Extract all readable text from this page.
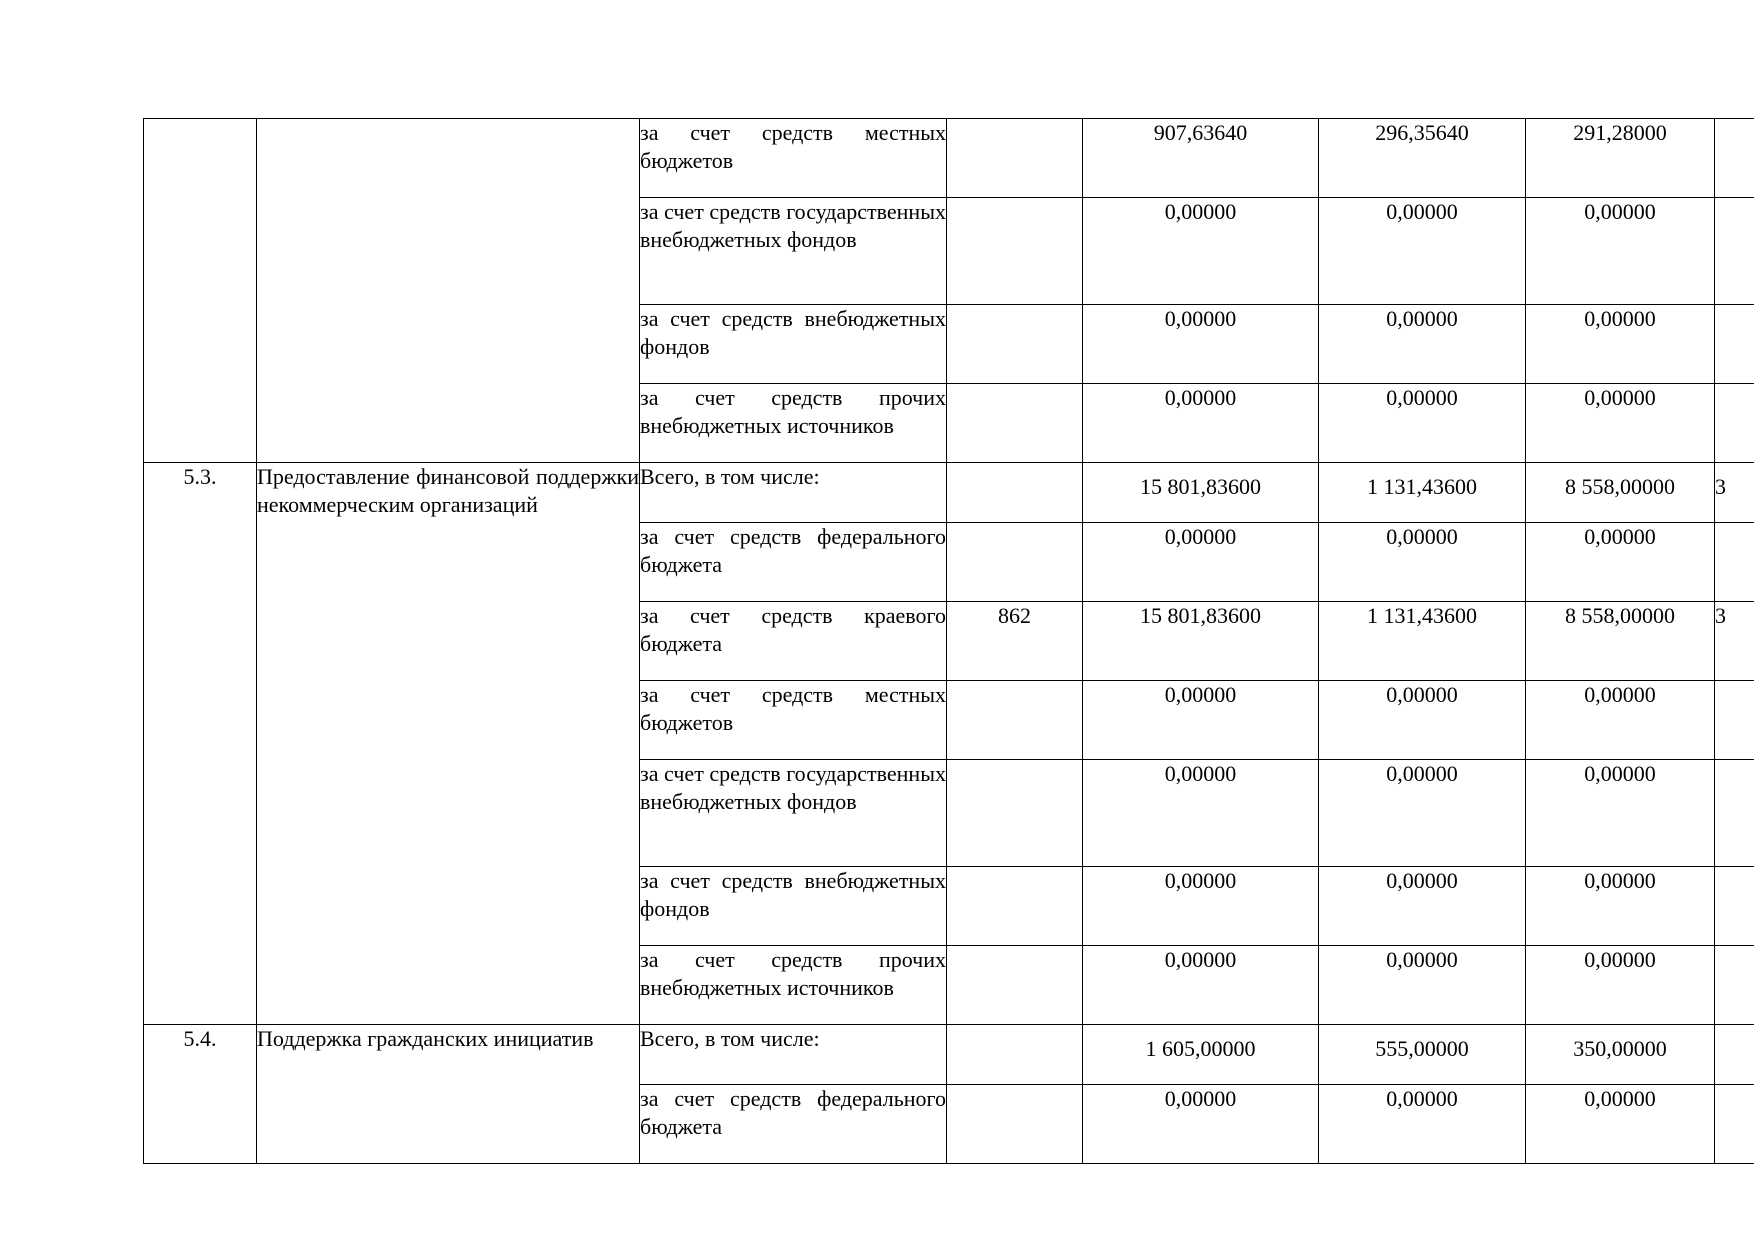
		за счет средств местных бюджетов		907,63640	296,35640	291,28000	
		за счет средств государственных внебюджетных фондов		0,00000	0,00000	0,00000	
		за счет средств внебюджетных фондов		0,00000	0,00000	0,00000	
		за счет средств прочих внебюджетных источников		0,00000	0,00000	0,00000	
5.3.	Предоставление финансовой поддержки некоммерческим организаций	Всего, в том числе:		15 801,83600	1 131,43600	8 558,00000	3
		за счет средств федерального бюджета		0,00000	0,00000	0,00000	
		за счет средств краевого бюджета	862	15 801,83600	1 131,43600	8 558,00000	3
		за счет средств местных бюджетов		0,00000	0,00000	0,00000	
		за счет средств государственных внебюджетных фондов		0,00000	0,00000	0,00000	
		за счет средств внебюджетных фондов		0,00000	0,00000	0,00000	
		за счет средств прочих внебюджетных источников		0,00000	0,00000	0,00000	
5.4.	Поддержка гражданских инициатив	Всего, в том числе:		1 605,00000	555,00000	350,00000	
		за счет средств федерального бюджета		0,00000	0,00000	0,00000	
